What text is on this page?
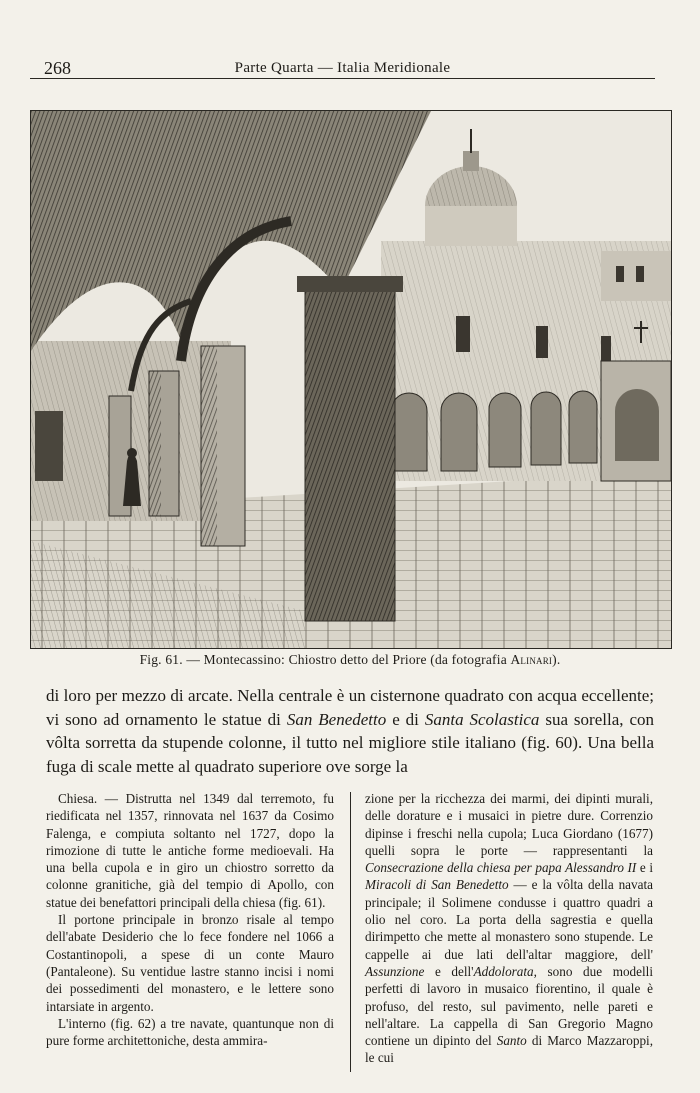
268	Parte Quarta — Italia Meridionale
Fig. 61. — Montecassino: Chiostro detto del Priore (da fotografia Alinari).

di loro per mezzo di arcate. Nella centrale è un cisternone quadrato con acqua eccellente; vi sono ad ornamento le statue di San Benedetto e di Santa Scolastica sua sorella, con vôlta sorretta da stupende colonne, il tutto nel migliore stile italiano (fig. 60). Una bella fuga di scale mette al quadrato superiore ove sorge la

Chiesa. — Distrutta nel 1349 dal terremoto, fu riedificata nel 1357, rinnovata nel 1637 da Cosimo Falenga, e compiuta soltanto nel 1727, dopo la rimozione di tutte le antiche forme medioevali. Ha una bella cupola e in giro un chiostro sorretto da colonne granitiche, già del tempio di Apollo, con statue dei benefattori principali della chiesa (fig. 61).

Il portone principale in bronzo risale al tempo dell'abate Desiderio che lo fece fondere nel 1066 a Costantinopoli, a spese di un conte Mauro (Pantaleone). Su ventidue lastre stanno incisi i nomi dei possedimenti del monastero, e le lettere sono intarsiate in argento.

L'interno (fig. 62) a tre navate, quantunque non di pure forme architettoniche, desta ammira-

zione per la ricchezza dei marmi, dei dipinti murali, delle dorature e i musaici in pietre dure. Correnzio dipinse i freschi nella cupola; Luca Giordano (1677) quelli sopra le porte — rappresentanti la Consecrazione della chiesa per papa Alessandro II e i Miracoli di San Benedetto — e la vôlta della navata principale; il Solimene condusse i quattro quadri a olio nel coro. La porta della sagrestia e quella dirimpetto che mette al monastero sono stupende. Le cappelle ai due lati dell'altar maggiore, dell' Assunzione e dell'Addolorata, sono due modelli perfetti di lavoro in musaico fiorentino, il quale è profuso, del resto, sul pavimento, nelle pareti e nell'altare. La cappella di San Gregorio Magno contiene un dipinto del Santo di Marco Mazzaroppi, le cui
